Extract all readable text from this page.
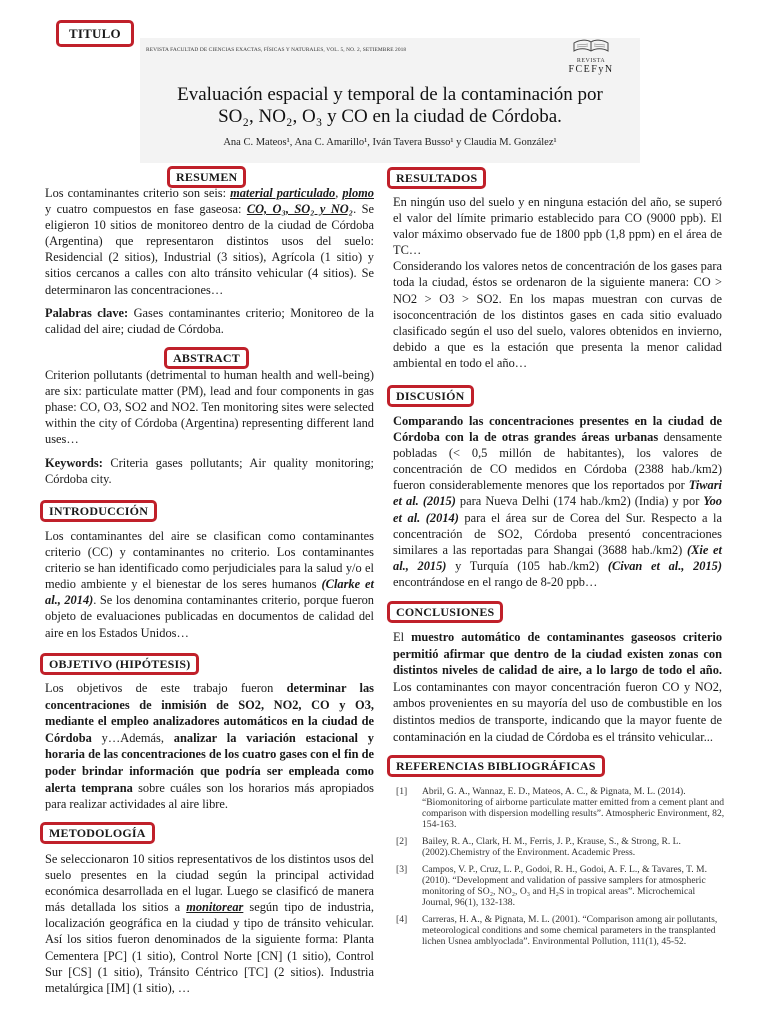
TITULO
REVISTA FACULTAD DE CIENCIAS EXACTAS, FÍSICAS Y NATURALES, VOL. 5, NO. 2, SETIEMBRE 2018
REVISTA
FCEFyN
Evaluación espacial y temporal de la contaminación por
SO₂, NO₂, O₃ y CO en la ciudad de Córdoba.
Ana C. Mateos¹, Ana C. Amarillo¹, Iván Tavera Busso¹ y Claudia M. González¹
RESUMEN
Los contaminantes criterio son seis: material particulado, plomo y cuatro compuestos en fase gaseosa: CO, O₃, SO₂ y NO₂. Se eligieron 10 sitios de monitoreo dentro de la ciudad de Córdoba (Argentina) que representaron distintos usos del suelo: Residencial (2 sitios), Industrial (3 sitios), Agrícola (1 sitio) y sitios cercanos a calles con alto tránsito vehicular (4 sitios). Se determinaron las concentraciones…
Palabras clave: Gases contaminantes criterio; Monitoreo de la calidad del aire; ciudad de Córdoba.
ABSTRACT
Criterion pollutants (detrimental to human health and well-being) are six: particulate matter (PM), lead and four components in gas phase: CO, O3, SO2 and NO2. Ten monitoring sites were selected within the city of Córdoba (Argentina) representing different land uses…
Keywords: Criteria gases pollutants; Air quality monitoring; Córdoba city.
INTRODUCCIÓN
Los contaminantes del aire se clasifican como contaminantes criterio (CC) y contaminantes no criterio. Los contaminantes criterio se han identificado como perjudiciales para la salud y/o el medio ambiente y el bienestar de los seres humanos (Clarke et al., 2014). Se los denomina contaminantes criterio, porque fueron objeto de evaluaciones publicadas en documentos de calidad del aire en los Estados Unidos…
OBJETIVO (HIPÓTESIS)
Los objetivos de este trabajo fueron determinar las concentraciones de inmisión de SO2, NO2, CO y O3, mediante el empleo analizadores automáticos en la ciudad de Córdoba y…Además, analizar la variación estacional y horaria de las concentraciones de los cuatro gases con el fin de poder brindar información que podría ser empleada como alerta temprana sobre cuáles son los horarios más apropiados para realizar actividades al aire libre.
METODOLOGÍA
Se seleccionaron 10 sitios representativos de los distintos usos del suelo presentes en la ciudad según la principal actividad económica desarrollada en el lugar. Luego se clasificó de manera más detallada los sitios a monitorear según tipo de industria, localización geográfica en la ciudad y tipo de tránsito vehicular. Así los sitios fueron denominados de la siguiente forma: Planta Cementera [PC] (1 sitio), Control Norte [CN] (1 sitio), Control Sur [CS] (1 sitio), Tránsito Céntrico [TC] (2 sitios). Industria metalúrgica [IM] (1 sitio), …
RESULTADOS
En ningún uso del suelo y en ninguna estación del año, se superó el valor del límite primario establecido para CO (9000 ppb). El valor máximo observado fue de 1800 ppb (1,8 ppm) en el área de TC…
Considerando los valores netos de concentración de los gases para toda la ciudad, éstos se ordenaron de la siguiente manera: CO > NO2 > O3 > SO2. En los mapas muestran con curvas de isoconcentración de los distintos gases en cada sitio evaluado clasificado según el uso del suelo, valores obtenidos en invierno, debido a que es la estación que presenta la menor calidad ambiental en todo el año…
DISCUSIÓN
Comparando las concentraciones presentes en la ciudad de Córdoba con la de otras grandes áreas urbanas densamente pobladas (< 0,5 millón de habitantes), los valores de concentración de CO medidos en Córdoba (2388 hab./km2) fueron considerablemente menores que los reportados por Tiwari et al. (2015) para Nueva Delhi (174 hab./km2) (India) y por Yoo et al. (2014) para el área sur de Corea del Sur. Respecto a la concentración de SO2, Córdoba presentó concentraciones similares a las reportadas para Shangai (3688 hab./km2) (Xie et al., 2015) y Turquía (105 hab./km2) (Civan et al., 2015) encontrándose en el rango de 8-20 ppb…
CONCLUSIONES
El muestro automático de contaminantes gaseosos criterio permitió afirmar que dentro de la ciudad existen zonas con distintos niveles de calidad de aire, a lo largo de todo el año. Los contaminantes con mayor concentración fueron CO y NO2, ambos provenientes en su mayoría del uso de combustible en los distintos medios de transporte, indicando que la mayor fuente de contaminación en la ciudad de Córdoba es el tránsito vehicular...
REFERENCIAS BIBLIOGRÁFICAS
[1]	Abril, G. A., Wannaz, E. D., Mateos, A. C., & Pignata, M. L. (2014). “Biomonitoring of airborne particulate matter emitted from a cement plant and comparison with dispersion modelling results”. Atmospheric Environment, 82, 154-163.
[2]	Bailey, R. A., Clark, H. M., Ferris, J. P., Krause, S., & Strong, R. L. (2002).Chemistry of the Environment. Academic Press.
[3]	Campos, V. P., Cruz, L. P., Godoi, R. H., Godoi, A. F. L., & Tavares, T. M. (2010). “Development and validation of passive samplers for atmospheric monitoring of SO₂, NO₂, O₃ and H₂S in tropical areas”. Microchemical Journal, 96(1), 132-138.
[4]	Carreras, H. A., & Pignata, M. L. (2001). “Comparison among air pollutants, meteorological conditions and some chemical parameters in the transplanted lichen Usnea amblyoclada”. Environmental Pollution, 111(1), 45-52.
